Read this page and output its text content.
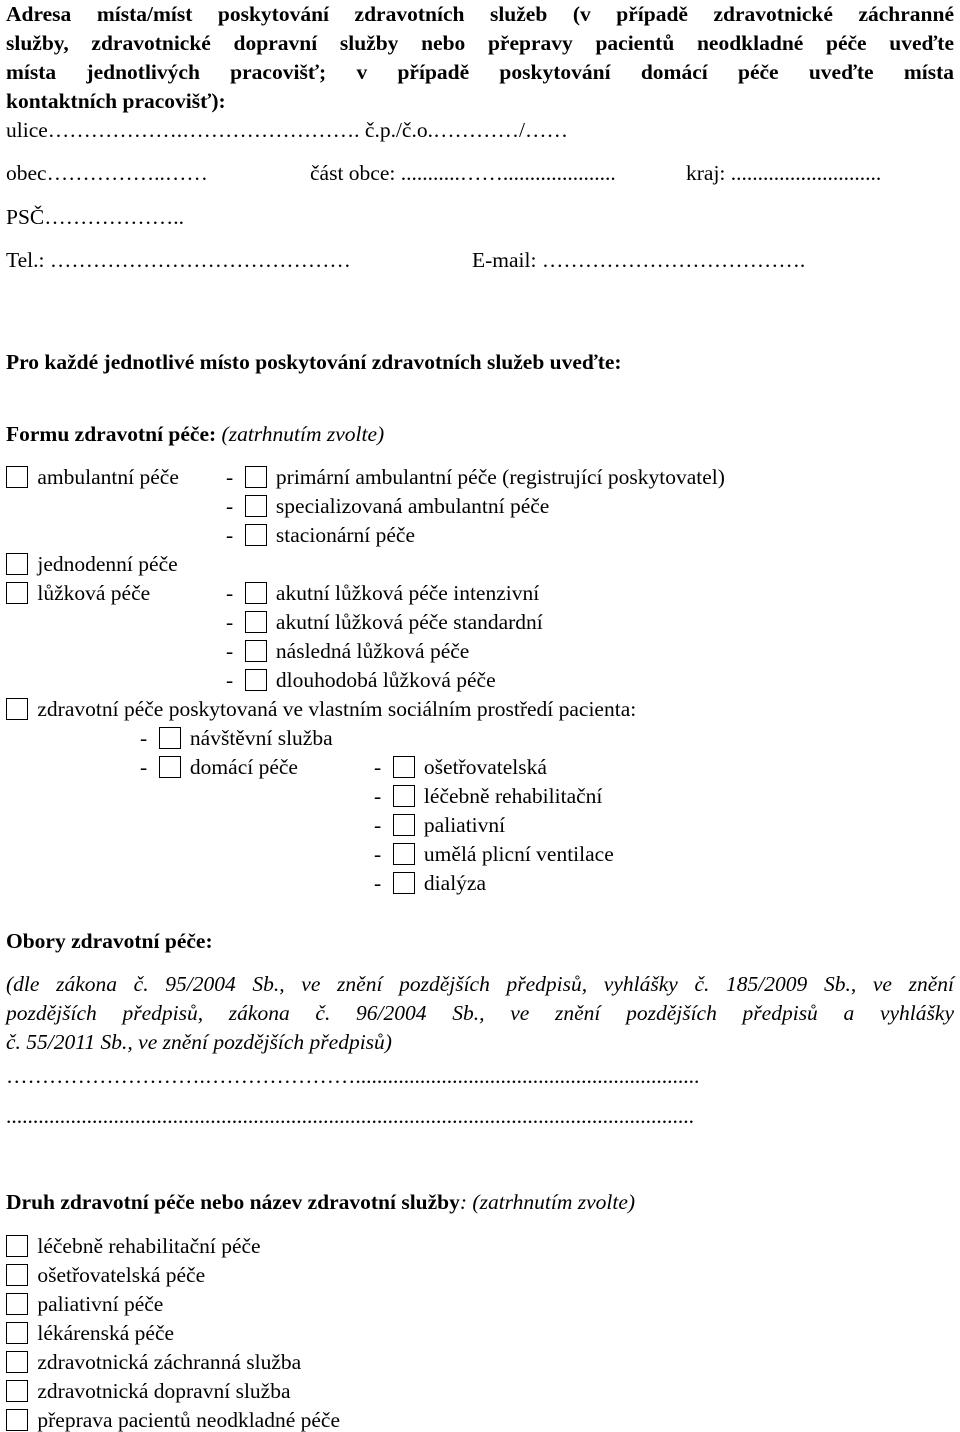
Adresa místa/míst poskytování zdravotních služeb (v případě zdravotnické záchranné
služby, zdravotnické dopravní služby nebo přepravy pacientů neodkladné péče uveďte
místa jednotlivých pracovišť; v případě poskytování domácí péče uveďte místa
kontaktních pracovišť):
ulice……………….……………………. č.p./č.o.…………/……
obec……………..……	část obce: ...........…….....................	kraj: ............................
PSČ………………..
Tel.: ……………………………………	E-mail: ……………………………….
Pro každé jednotlivé místo poskytování zdravotních služeb uveďte:
Formu zdravotní péče: (zatrhnutím zvolte)
ambulantní péče - primární ambulantní péče (registrující poskytovatel)
- specializovaná ambulantní péče
- stacionární péče
jednodenní péče
lůžková péče	- akutní lůžková péče intenzivní
- akutní lůžková péče standardní
- následná lůžková péče
- dlouhodobá lůžková péče
zdravotní péče poskytovaná ve vlastním sociálním prostředí pacienta:
- návštěvní služba
- domácí péče	- ošetřovatelská
- léčebně rehabilitační
- paliativní
- umělá plicní ventilace
- dialýza
Obory zdravotní péče:
(dle zákona č. 95/2004 Sb., ve znění pozdějších předpisů, vyhlášky č. 185/2009 Sb., ve znění
pozdějších předpisů, zákona č. 96/2004 Sb., ve znění pozdějších předpisů a vyhlášky
č. 55/2011 Sb., ve znění pozdějších předpisů)
……………………….…………………................................................................
................................................................................................................................
Druh zdravotní péče nebo název zdravotní služby: (zatrhnutím zvolte)
léčebně rehabilitační péče
ošetřovatelská péče
paliativní péče
lékárenská péče
zdravotnická záchranná služba
zdravotnická dopravní služba
přeprava pacientů neodkladné péče
